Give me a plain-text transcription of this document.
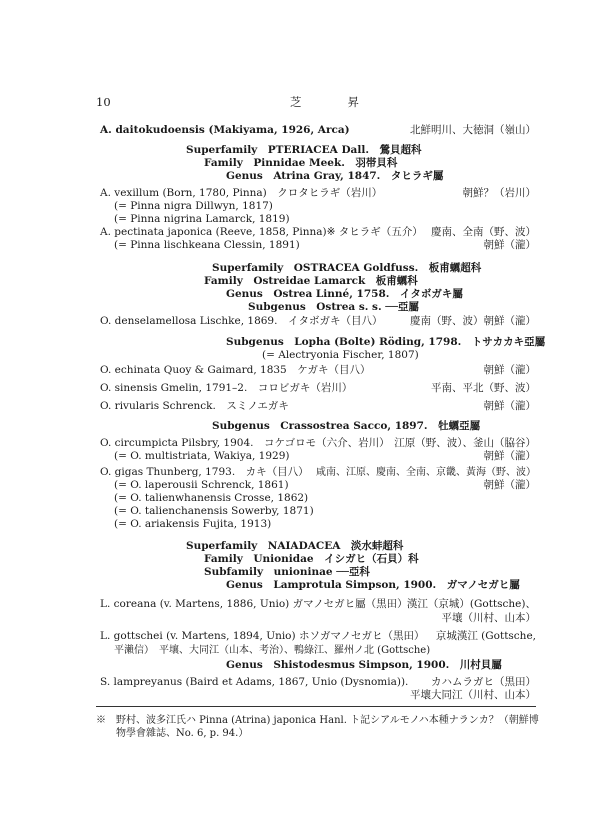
10	芝　　　　昇
A. daitokudoensis (Makiyama, 1926, Arca)	北鮮明川、大徳洞（嶺山）
Superfamily　PTERIACEA Dall.　鶯貝超科
Family　Pinnidae Meek.　羽帯貝科
Genus　Atrina Gray, 1847.　タヒラギ屬
A. vexillum (Born, 1780, Pinna)　クロタヒラギ（岩川）	朝鮮？（岩川）
(= Pinna nigra Dillwyn, 1817)
(= Pinna nigrina Lamarck, 1819)
A. pectinata japonica (Reeve, 1858, Pinna)※ タヒラギ（五介） 慶南、全南（野、波）
(= Pinna lischkeana Clessin, 1891)	朝鮮（瀧）
Superfamily　OSTRACEA Goldfuss.　板甫蠣超科
Family　Ostreidae Lamarck　板甫蠣科
Genus　Ostrea Linné, 1758.　イタボガキ屬
Subgenus　Ostrea s. s. ──亞屬
O. denselamellosa Lischke, 1869.　イタボガキ（目八）	慶南（野、波）朝鮮（瀧）
Subgenus　Lopha (Bolte) Röding, 1798.　トサカカキ亞屬
(= Alectryonia Fischer, 1807)
O. echinata Quoy & Gaimard, 1835　ケガキ（目八）	朝鮮（瀧）
O. sinensis Gmelin, 1791–2.　コロビガキ（岩川）	平南、平北（野、波）
O. rivularis Schrenck.　スミノエガキ	朝鮮（瀧）
Subgenus　Crassostrea Sacco, 1897.　牡蠣亞屬
O. circumpicta Pilsbry, 1904.　コケゴロモ（六介、岩川） 江原（野、波）、釜山（脇谷）
(= O. multistriata, Wakiya, 1929)	朝鮮（瀧）
O. gigas Thunberg, 1793.　カキ（目八） 咸南、江原、慶南、全南、京畿、黃海（野、波）
(= O. laperousii Schrenck, 1861)	朝鮮（瀧）
(= O. talienwhanensis Crosse, 1862)
(= O. talienchanensis Sowerby, 1871)
(= O. ariakensis Fujita, 1913)
Superfamily　NAIADACEA　淡水蚌超科
Family　Unionidae　イシガヒ（石貝）科
Subfamily　unioninae ──亞科
Genus　Lamprotula Simpson, 1900.　ガマノセガヒ屬
L. coreana (v. Martens, 1886, Unio) ガマノセガヒ屬（黒田） 漢江（京城）(Gottsche)、
平壤（川村、山本）
L. gottschei (v. Martens, 1894, Unio) ホソガマノセガヒ（黒田） 京城漢江 (Gottsche,
平瀨信）　平壤、大同江（山本、考治）、鴨綠江、羅州ノ北 (Gottsche)
Genus　Shistodesmus Simpson, 1900.　川村貝屬
S. lampreyanus (Baird et Adams, 1867, Unio (Dysnomia)). カハムラガヒ（黒田）
平壤大同江（川村、山本）
※　野村、波多江氏ハ Pinna (Atrina) japonica Hanl. ト記シアルモノハ本種ナランカ？（朝鮮博
物學會雜誌、No. 6, p. 94.）
